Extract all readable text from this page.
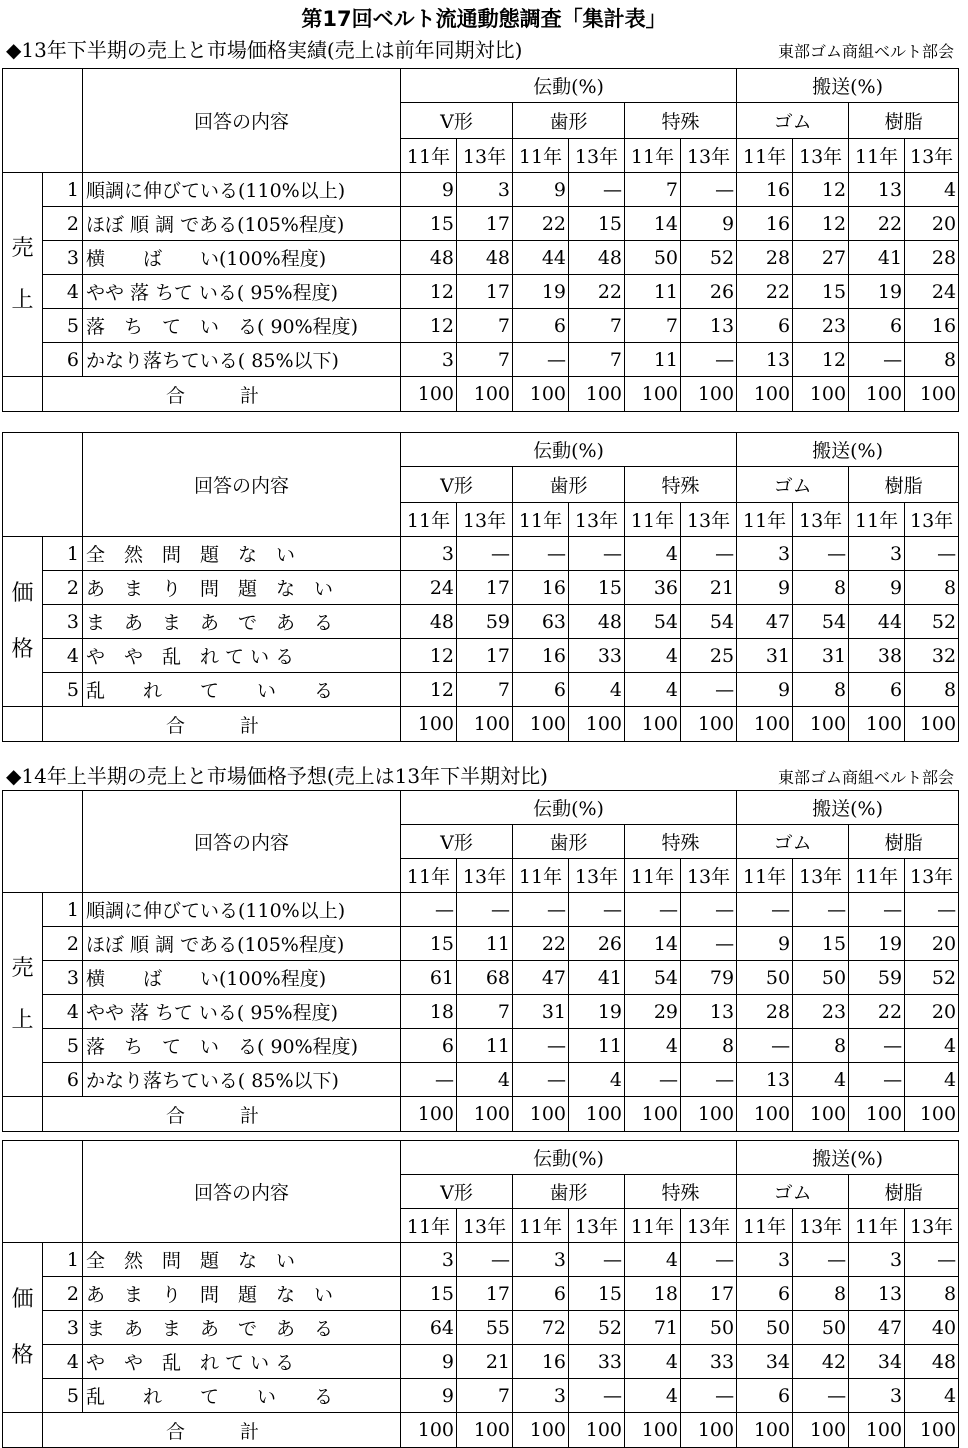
第17回ベルト流通動態調査「集計表」
◆13年下半期の売上と市場価格実績(売上は前年同期対比)	東部ゴム商組ベルト部会
		回答の内容	伝動(%)						搬送(%)			
			V形		歯形		特殊		ゴム		樹脂	
			11年	13年	11年	13年	11年	13年	11年	13年	11年	13年

売
上	1	順調に伸びている(110%以上)	9	3	9	—	7	—	16	12	13	4
	2	ほぼ 順 調 である(105%程度)	15	17	22	15	14	9	16	12	22	20
	3	横　　ば　　い(100%程度)	48	48	44	48	50	52	28	27	41	28
	4	やや 落 ちて いる( 95%程度)	12	17	19	22	11	26	22	15	19	24
	5	落　ち　て　い　る( 90%程度)	12	7	6	7	7	13	6	23	6	16
	6	かなり落ちている( 85%以下)	3	7	—	7	11	—	13	12	—	8
	合　計		100	100	100	100	100	100	100	100	100	100
		回答の内容	伝動(%)						搬送(%)			
			V形		歯形		特殊		ゴム		樹脂	
			11年	13年	11年	13年	11年	13年	11年	13年	11年	13年

価
格	1	全　然　問　題　な　い	3	—	—	—	4	—	3	—	3	—
	2	あ　ま　り　問　題　な　い	24	17	16	15	36	21	9	8	9	8
	3	ま　あ　ま　あ　で　あ　る	48	59	63	48	54	54	47	54	44	52
	4	や　や　乱　れ て い る	12	17	16	33	4	25	31	31	38	32
	5	乱　　れ　　て　　い　　る	12	7	6	4	4	—	9	8	6	8
	合　計		100	100	100	100	100	100	100	100	100	100
◆14年上半期の売上と市場価格予想(売上は13年下半期対比)	東部ゴム商組ベルト部会
		回答の内容	伝動(%)						搬送(%)			
			V形		歯形		特殊		ゴム		樹脂	
			11年	13年	11年	13年	11年	13年	11年	13年	11年	13年

売
上	1	順調に伸びている(110%以上)	—	—	—	—	—	—	—	—	—	—
	2	ほぼ 順 調 である(105%程度)	15	11	22	26	14	—	9	15	19	20
	3	横　　ば　　い(100%程度)	61	68	47	41	54	79	50	50	59	52
	4	やや 落 ちて いる( 95%程度)	18	7	31	19	29	13	28	23	22	20
	5	落　ち　て　い　る( 90%程度)	6	11	—	11	4	8	—	8	—	4
	6	かなり落ちている( 85%以下)	—	4	—	4	—	—	13	4	—	4
	合　計		100	100	100	100	100	100	100	100	100	100
		回答の内容	伝動(%)						搬送(%)			
			V形		歯形		特殊		ゴム		樹脂	
			11年	13年	11年	13年	11年	13年	11年	13年	11年	13年

価
格	1	全　然　問　題　な　い	3	—	3	—	4	—	3	—	3	—
	2	あ　ま　り　問　題　な　い	15	17	6	15	18	17	6	8	13	8
	3	ま　あ　ま　あ　で　あ　る	64	55	72	52	71	50	50	50	47	40
	4	や　や　乱　れ て い る	9	21	16	33	4	33	34	42	34	48
	5	乱　　れ　　て　　い　　る	9	7	3	—	4	—	6	—	3	4
	合　計		100	100	100	100	100	100	100	100	100	100
